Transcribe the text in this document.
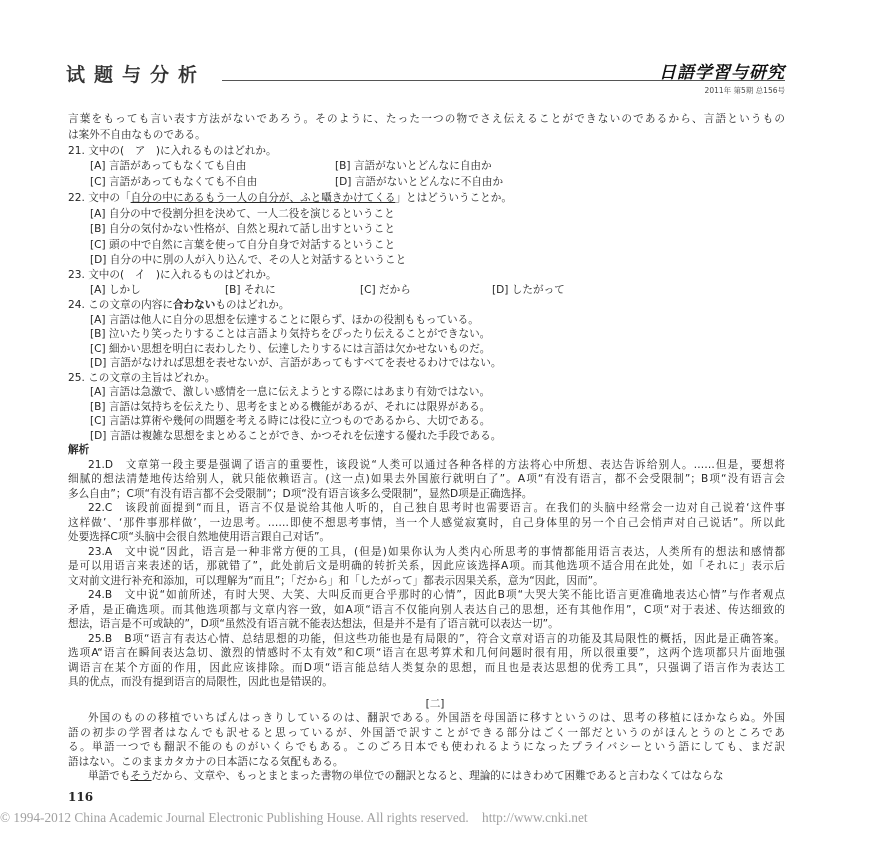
试题与分析	日語学習与研究
2011年 第5期 总156号
言葉をもっても言い表す方法がないであろう。そのように、たった一つの物でさえ伝えることができないのであるから、言語というもの
は案外不自由なものである。
21. 文中の(　ア　)に入れるものはどれか。
[A] 言語があってもなくても自由	[B] 言語がないとどんなに自由か
[C] 言語があってもなくても不自由	[D] 言語がないとどんなに不自由か
22. 文中の「自分の中にあるもう一人の自分が、ふと囁きかけてくる」とはどういうことか。
[A] 自分の中で役割分担を決めて、一人二役を演じるということ
[B] 自分の気付かない性格が、自然と現れて話し出すということ
[C] 頭の中で自然に言葉を使って自分自身で対話するということ
[D] 自分の中に別の人が入り込んで、その人と対話するということ
23. 文中の(　イ　)に入れるものはどれか。
[A] しかし	[B] それに	[C] だから	[D] したがって
24. この文章の内容に合わないものはどれか。
[A] 言語は他人に自分の思想を伝達することに限らず、ほかの役割ももっている。
[B] 泣いたり笑ったりすることは言語より気持ちをぴったり伝えることができない。
[C] 細かい思想を明白に表わしたり、伝達したりするには言語は欠かせないものだ。
[D] 言語がなければ思想を表せないが、言語があってもすべてを表せるわけではない。
25. この文章の主旨はどれか。
[A] 言語は急激で、激しい感情を一息に伝えようとする際にはあまり有効ではない。
[B] 言語は気持ちを伝えたり、思考をまとめる機能があるが、それには限界がある。
[C] 言語は算術や幾何の問題を考える時には役に立つものであるから、大切である。
[D] 言語は複雑な思想をまとめることができ、かつそれを伝達する優れた手段である。
解析
21.D　文章第一段主要是强调了语言的重要性，该段说“人类可以通过各种各样的方法将心中所想、表达告诉给别人。……但是，要想将
细腻的想法清楚地传达给别人，就只能依赖语言。(这一点)如果去外国旅行就明白了”。A项“有没有语言，都不会受限制”；B项“没有语言会
多么自由”；C项“有没有语言都不会受限制”；D项“没有语言该多么受限制”，显然D项是正确选择。
22.C　该段前面提到“而且，语言不仅是说给其他人听的，自己独自思考时也需要语言。在我们的头脑中经常会一边对自己说着‘这件事
这样做’、‘那件事那样做’，一边思考。……即使不想思考事情，当一个人感觉寂寞时，自己身体里的另一个自己会悄声对自己说话”。所以此
处要选择C项“头脑中会很自然地使用语言跟自己对话”。
23.A　文中说“因此，语言是一种非常方便的工具，(但是)如果你认为人类内心所思考的事情都能用语言表达，人类所有的想法和感情都
是可以用语言来表述的话，那就错了”，此处前后文是明确的转折关系，因此应该选择A项。而其他选项不适合用在此处，如「それに」表示后
文对前文进行补充和添加，可以理解为“而且”；「だから」和「したがって」都表示因果关系，意为“因此，因而”。
24.B　文中说“如前所述，有时大哭、大笑、大叫反而更合乎那时的心情”，因此B项“大哭大笑不能比语言更准确地表达心情”与作者观点
矛盾，是正确选项。而其他选项都与文章内容一致，如A项“语言不仅能向别人表达自己的思想，还有其他作用”，C项“对于表述、传达细致的
想法，语言是不可或缺的”，D项“虽然没有语言就不能表达想法，但是并不是有了语言就可以表达一切”。
25.B　B项“语言有表达心情、总结思想的功能，但这些功能也是有局限的”，符合文章对语言的功能及其局限性的概括，因此是正确答案。
选项A“语言在瞬间表达急切、激烈的情感时不太有效”和C项“语言在思考算术和几何问题时很有用，所以很重要”，这两个选项都只片面地强
调语言在某个方面的作用，因此应该排除。而D项“语言能总结人类复杂的思想，而且也是表达思想的优秀工具”，只强调了语言作为表达工
具的优点，而没有提到语言的局限性，因此也是错误的。
[二]
外国のものの移植でいちばんはっきりしているのは、翻訳である。外国語を母国語に移すというのは、思考の移植にほかならぬ。外国
語の初歩の学習者はなんでも訳せると思っているが、外国語で訳すことができる部分はごく一部だというのがほんとうのところであ
る。単語一つでも翻訳不能のものがいくらでもある。このごろ日本でも使われるようになったプライバシーという語にしても、まだ訳
語はない。このままカタカナの日本語になる気配もある。
単語でもそうだから、文章や、もっとまとまった書物の単位での翻訳となると、理論的にはきわめて困難であると言わなくてはならな
116
© 1994-2012 China Academic Journal Electronic Publishing House. All rights reserved.    http://www.cnki.net
